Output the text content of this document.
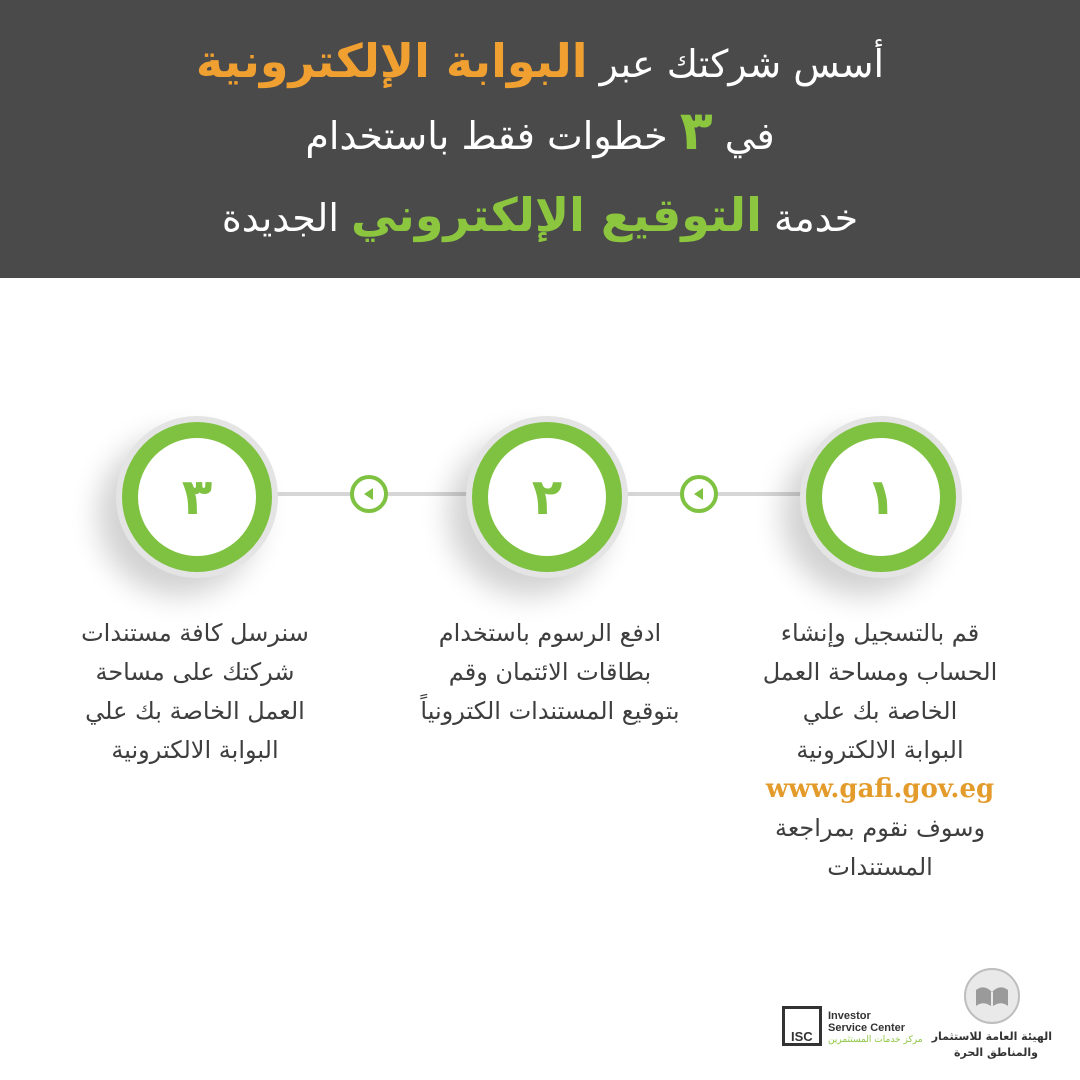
أسس شركتك عبر البوابة الإلكترونية
في ٣ خطوات فقط باستخدام
خدمة التوقيع الإلكتروني الجديدة
١
٢
٣
قم بالتسجيل وإنشاء
الحساب ومساحة العمل
الخاصة بك علي
البوابة الالكترونية
www.gafi.gov.eg
وسوف نقوم بمراجعة
المستندات
ادفع الرسوم باستخدام
بطاقات الائتمان وقم
بتوقيع المستندات الكترونياً
سنرسل كافة مستندات
شركتك على مساحة
العمل الخاصة بك علي
البوابة الالكترونية
ISC
Investor
Service Center
مركز خدمات المستثمرين الهيئة العامة للاستثمار
والمناطق الحرة
